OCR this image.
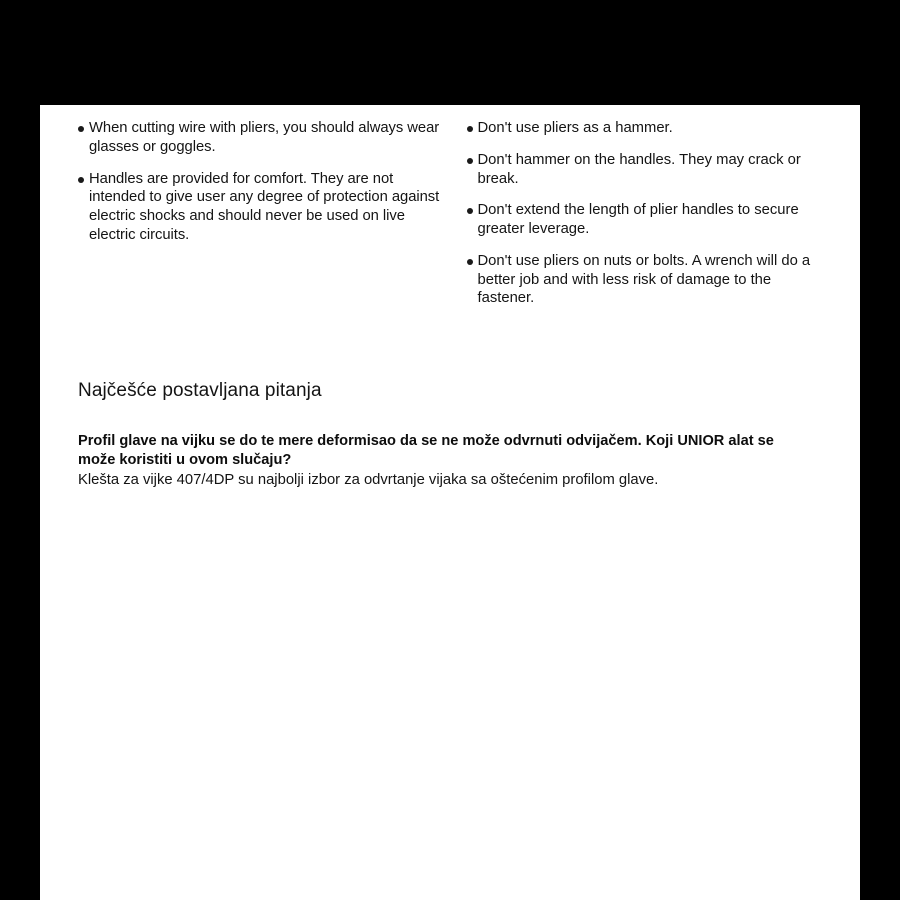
When cutting wire with pliers, you should always wear glasses or goggles.
Handles are provided for comfort. They are not intended to give user any degree of protection against electric shocks and should never be used on live electric circuits.
Don't use pliers as a hammer.
Don't hammer on the handles. They may crack or break.
Don't extend the length of plier handles to secure greater leverage.
Don't use pliers on nuts or bolts. A wrench will do a better job and with less risk of damage to the fastener.
Najčešće postavljana pitanja
Profil glave na vijku se do te mere deformisao da se ne može odvrnuti odvijačem. Koji UNIOR alat se može koristiti u ovom slučaju?
Klešta za vijke 407/4DP su najbolji izbor za odvrtanje vijaka sa oštećenim profilom glave.
